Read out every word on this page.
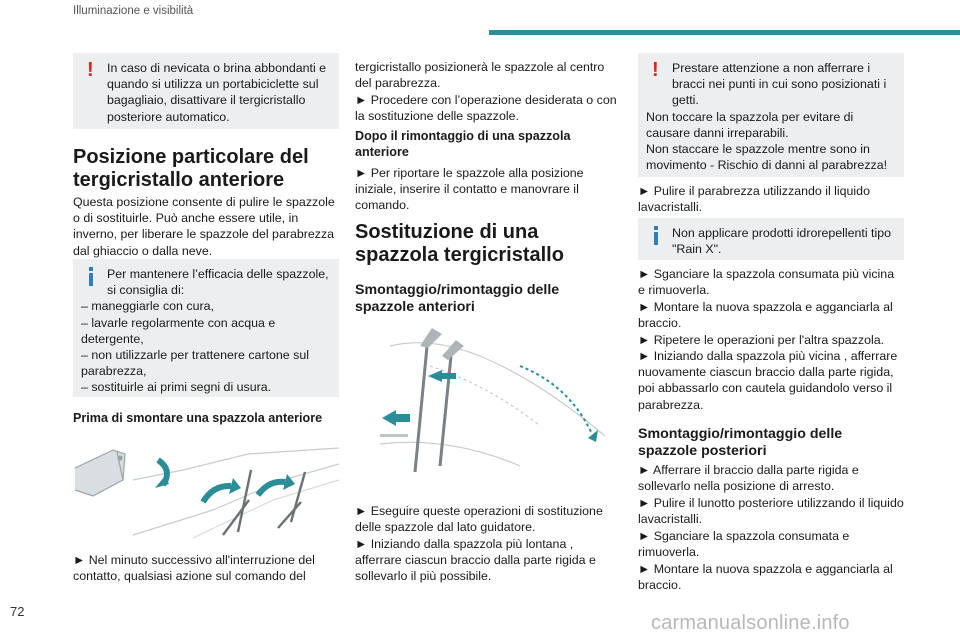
Illuminazione e visibilità
! In caso di nevicata o brina abbondanti e quando si utilizza un portabiciclette sul bagagliaio, disattivare il tergicristallo posteriore automatico.

Posizione particolare del tergicristallo anteriore

Questa posizione consente di pulire le spazzole o di sostituirle. Può anche essere utile, in inverno, per liberare le spazzole del parabrezza dal ghiaccio o dalla neve.

Per mantenere l’efficacia delle spazzole, si consiglia di:

– maneggiarle con cura,

– lavarle regolarmente con acqua e detergente,

– non utilizzarle per trattenere cartone sul parabrezza,

– sostituirle ai primi segni di usura.

Prima di smontare una spazzola anteriore

► Nel minuto successivo all'interruzione del contatto, qualsiasi azione sul comando del

tergicristallo posizionerà le spazzole al centro del parabrezza.

► Procedere con l’operazione desiderata o con la sostituzione delle spazzole.

Dopo il rimontaggio di una spazzola anteriore

► Per riportare le spazzole alla posizione iniziale, inserire il contatto e manovrare il comando.

Sostituzione di una spazzola tergicristallo
Smontaggio/rimontaggio delle spazzole anteriori

► Eseguire queste operazioni di sostituzione delle spazzole dal lato guidatore.

► Iniziando dalla spazzola più lontana , afferrare ciascun braccio dalla parte rigida e sollevarlo il più possibile.

! Prestare attenzione a non afferrare i bracci nei punti in cui sono posizionati i getti.

Non toccare la spazzola per evitare di causare danni irreparabili.

Non staccare le spazzole mentre sono in movimento - Rischio di danni al parabrezza!

► Pulire il parabrezza utilizzando il liquido lavacristalli.

Non applicare prodotti idrorepellenti tipo "Rain X".

► Sganciare la spazzola consumata più vicina e rimuoverla.

► Montare la nuova spazzola e agganciarla al braccio.

► Ripetere le operazioni per l'altra spazzola.

► Iniziando dalla spazzola più vicina , afferrare nuovamente ciascun braccio dalla parte rigida, poi abbassarlo con cautela guidandolo verso il parabrezza.

Smontaggio/rimontaggio delle spazzole posteriori

► Afferrare il braccio dalla parte rigida e sollevarlo nella posizione di arresto.

► Pulire il lunotto posteriore utilizzando il liquido lavacristalli.

► Sganciare la spazzola consumata e rimuoverla.

► Montare la nuova spazzola e agganciarla al braccio.

72
carmanualsonline.info
